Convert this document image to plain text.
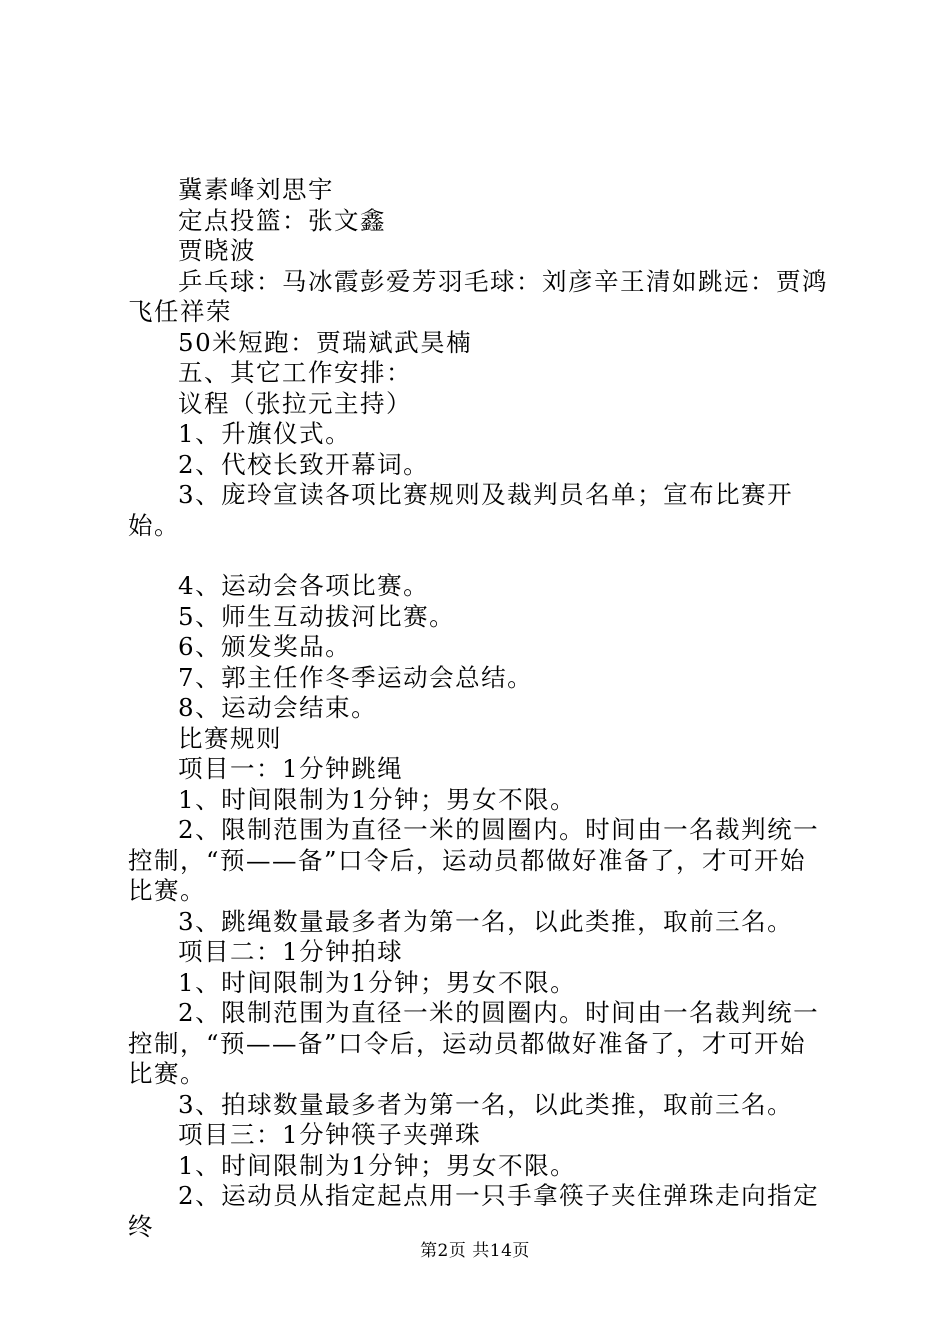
冀素峰刘思宇

定点投篮：张文鑫

贾晓波

乒乓球：马冰霞彭爱芳羽毛球：刘彦辛王清如跳远：贾鸿飞任祥荣

50米短跑：贾瑞斌武昊楠

五、其它工作安排：

议程（张拉元主持）

1、升旗仪式。

2、代校长致开幕词。

3、庞玲宣读各项比赛规则及裁判员名单；宣布比赛开始。

4、运动会各项比赛。

5、师生互动拔河比赛。

6、颁发奖品。

7、郭主任作冬季运动会总结。

8、运动会结束。

比赛规则

项目一：1分钟跳绳

1、时间限制为1分钟；男女不限。

2、限制范围为直径一米的圆圈内。时间由一名裁判统一控制，“预——备”口令后，运动员都做好准备了，才可开始比赛。

3、跳绳数量最多者为第一名，以此类推，取前三名。

项目二：1分钟拍球

1、时间限制为1分钟；男女不限。

2、限制范围为直径一米的圆圈内。时间由一名裁判统一控制，“预——备”口令后，运动员都做好准备了，才可开始比赛。

3、拍球数量最多者为第一名，以此类推，取前三名。

项目三：1分钟筷子夹弹珠

1、时间限制为1分钟；男女不限。

2、运动员从指定起点用一只手拿筷子夹住弹珠走向指定终

第2页 共14页
